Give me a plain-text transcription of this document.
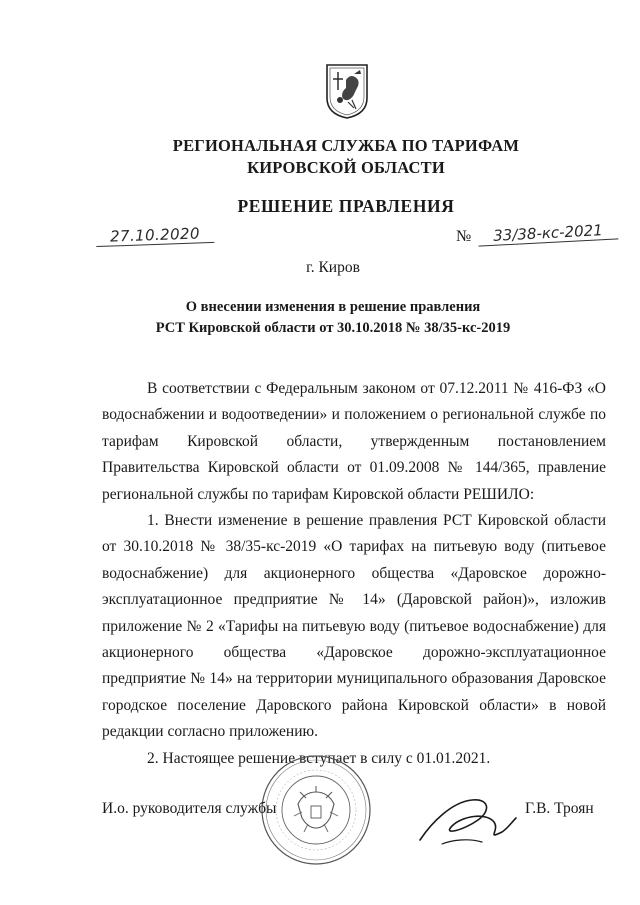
РЕГИОНАЛЬНАЯ СЛУЖБА ПО ТАРИФАМ
КИРОВСКОЙ ОБЛАСТИ
РЕШЕНИЕ ПРАВЛЕНИЯ
27.10.2020	№	33/38-кс-2021
г. Киров
О внесении изменения в решение правления
РСТ Кировской области от 30.10.2018 № 38/35-кс-2019

В соответствии с Федеральным законом от 07.12.2011 № 416-ФЗ «О водоснабжении и водоотведении» и положением о региональной службе по тарифам Кировской области, утвержденным постановлением Правительства Кировской области от 01.09.2008 № 144/365, правление региональной службы по тарифам Кировской области РЕШИЛО:

1. Внести изменение в решение правления РСТ Кировской области от 30.10.2018 № 38/35-кс-2019 «О тарифах на питьевую воду (питьевое водоснабжение) для акционерного общества «Даровское дорожно-эксплуатационное предприятие № 14» (Даровской район)», изложив приложение № 2 «Тарифы на питьевую воду (питьевое водоснабжение) для акционерного общества «Даровское дорожно-эксплуатационное предприятие № 14» на территории муниципального образования Даровское городское поселение Даровского района Кировской области» в новой редакции согласно приложению.

2. Настоящее решение вступает в силу с 01.01.2021.

И.о. руководителя службы	Г.В. Троян
